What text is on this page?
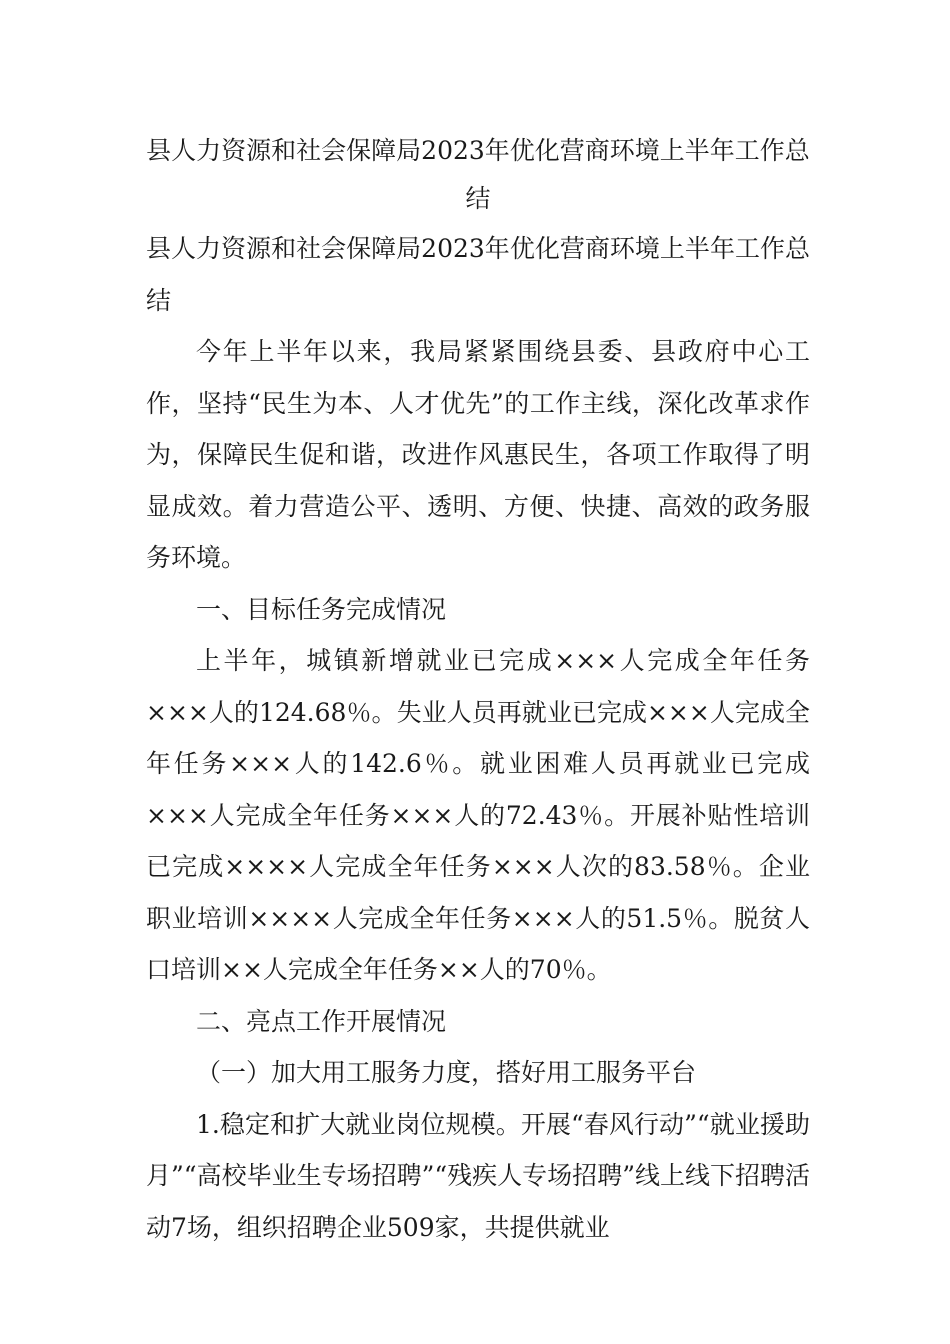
县人力资源和社会保障局2023年优化营商环境上半年工作总结

县人力资源和社会保障局2023年优化营商环境上半年工作总结

今年上半年以来，我局紧紧围绕县委、县政府中心工作，坚持“民生为本、人才优先”的工作主线，深化改革求作为，保障民生促和谐，改进作风惠民生，各项工作取得了明显成效。着力营造公平、透明、方便、快捷、高效的政务服务环境。

一、目标任务完成情况

上半年，城镇新增就业已完成×××人完成全年任务×××人的124.68％。失业人员再就业已完成×××人完成全年任务×××人的142.6％。就业困难人员再就业已完成×××人完成全年任务×××人的72.43％。开展补贴性培训已完成××××人完成全年任务×××人次的83.58％。企业职业培训××××人完成全年任务×××人的51.5％。脱贫人口培训××人完成全年任务××人的70％。

二、亮点工作开展情况

（一）加大用工服务力度，搭好用工服务平台

1.稳定和扩大就业岗位规模。开展“春风行动”“就业援助月”“高校毕业生专场招聘”“残疾人专场招聘”线上线下招聘活动7场，组织招聘企业509家，共提供就业
